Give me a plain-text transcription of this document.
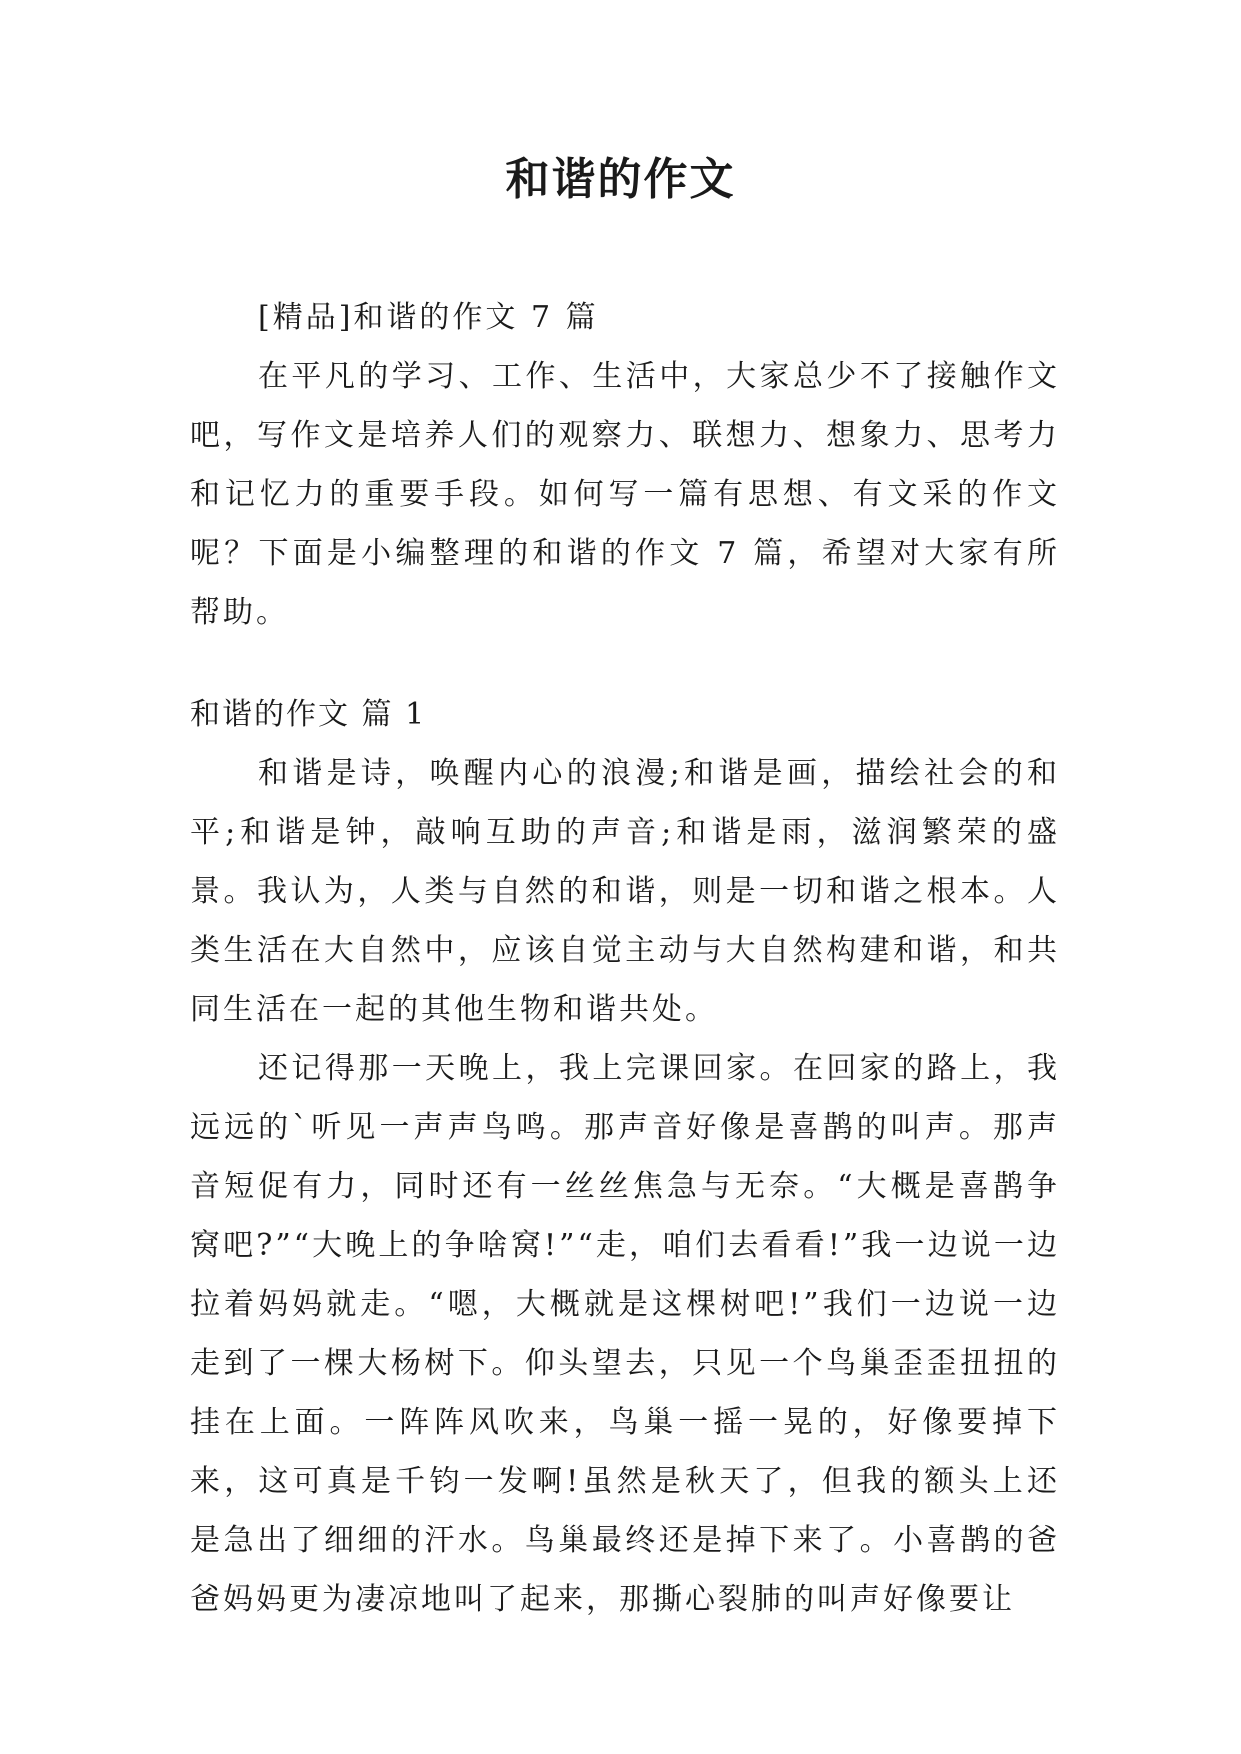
和谐的作文

[精品]和谐的作文 7 篇

在平凡的学习、工作、生活中，大家总少不了接触作文吧，写作文是培养人们的观察力、联想力、想象力、思考力和记忆力的重要手段。如何写一篇有思想、有文采的作文呢？下面是小编整理的和谐的作文 7 篇，希望对大家有所帮助。

和谐的作文 篇 1

和谐是诗，唤醒内心的浪漫;和谐是画，描绘社会的和平;和谐是钟，敲响互助的声音;和谐是雨，滋润繁荣的盛景。我认为，人类与自然的和谐，则是一切和谐之根本。人类生活在大自然中，应该自觉主动与大自然构建和谐，和共同生活在一起的其他生物和谐共处。

还记得那一天晚上，我上完课回家。在回家的路上，我远远的`听见一声声鸟鸣。那声音好像是喜鹊的叫声。那声音短促有力，同时还有一丝丝焦急与无奈。“大概是喜鹊争窝吧?”“大晚上的争啥窝!”“走，咱们去看看!”我一边说一边拉着妈妈就走。“嗯，大概就是这棵树吧!”我们一边说一边走到了一棵大杨树下。仰头望去，只见一个鸟巢歪歪扭扭的挂在上面。一阵阵风吹来，鸟巢一摇一晃的，好像要掉下来，这可真是千钧一发啊!虽然是秋天了，但我的额头上还是急出了细细的汗水。鸟巢最终还是掉下来了。小喜鹊的爸爸妈妈更为凄凉地叫了起来，那撕心裂肺的叫声好像要让
